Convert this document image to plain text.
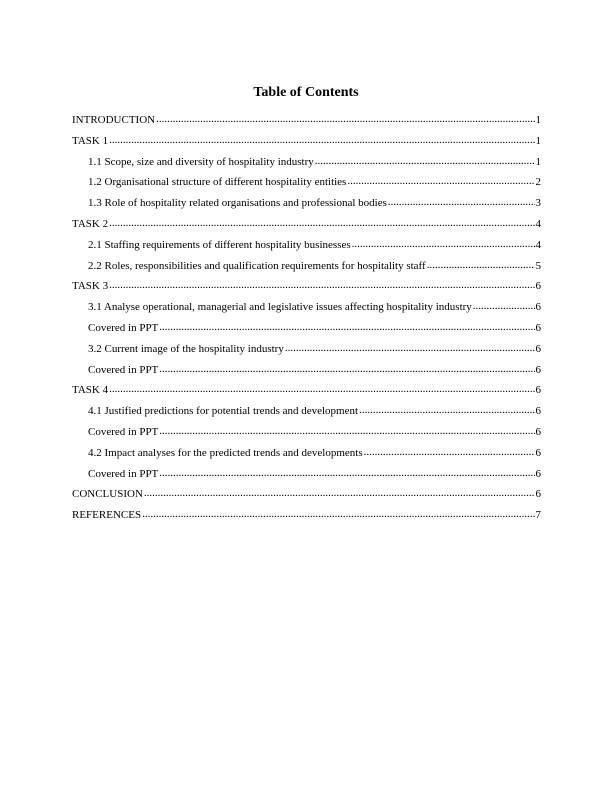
Table of Contents
INTRODUCTION .....	1
TASK 1 .....	1
1.1 Scope, size and diversity of hospitality industry .....	1
1.2 Organisational structure of different hospitality entities .....	2
1.3 Role of hospitality related organisations and professional bodies .....	3
TASK 2 .....	4
2.1 Staffing requirements of different hospitality businesses .....	4
2.2 Roles, responsibilities and qualification requirements for hospitality staff .....	5
TASK 3 .....	6
3.1 Analyse operational, managerial and legislative issues affecting hospitality industry .....	6
Covered in PPT .....	6
3.2 Current image of the hospitality industry .....	6
Covered in PPT .....	6
TASK 4 .....	6
4.1 Justified predictions for potential trends and development .....	6
Covered in PPT .....	6
4.2 Impact analyses for the predicted trends and developments .....	6
Covered in PPT .....	6
CONCLUSION .....	6
REFERENCES .....	7
